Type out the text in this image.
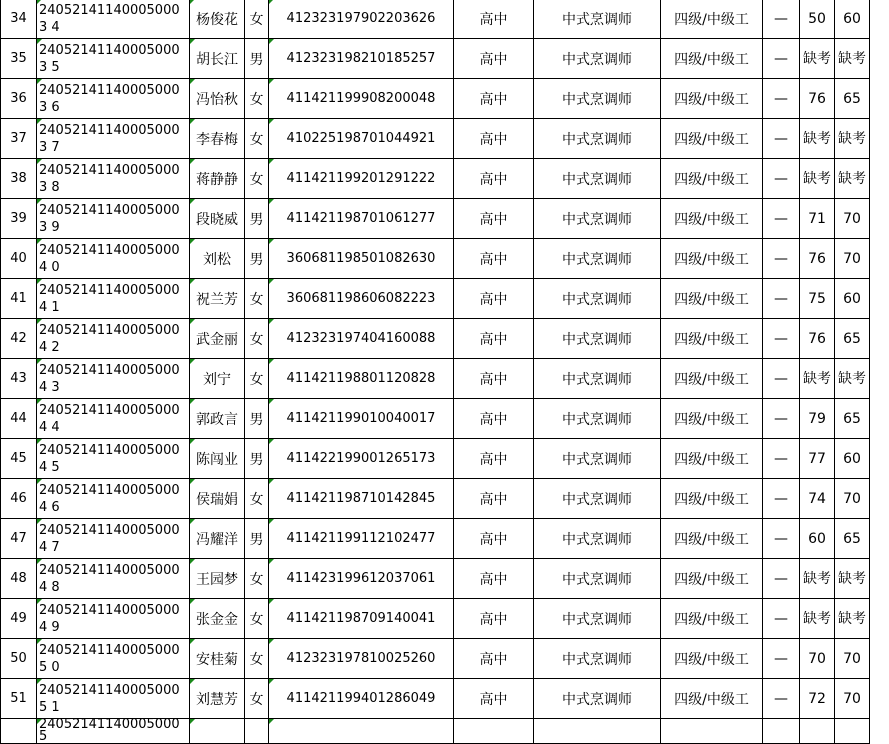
34	240521411400050003 4	杨俊花	女	412323197902203626	高中	中式烹调师	四级/中级工	—	50	60
35	240521411400050003 5	胡长江	男	412323198210185257	高中	中式烹调师	四级/中级工	—	缺考	缺考
36	240521411400050003 6	冯怡秋	女	411421199908200048	高中	中式烹调师	四级/中级工	—	76	65
37	240521411400050003 7	李春梅	女	410225198701044921	高中	中式烹调师	四级/中级工	—	缺考	缺考
38	240521411400050003 8	蒋静静	女	411421199201291222	高中	中式烹调师	四级/中级工	—	缺考	缺考
39	240521411400050003 9	段晓威	男	411421198701061277	高中	中式烹调师	四级/中级工	—	71	70
40	240521411400050004 0	刘松	男	360681198501082630	高中	中式烹调师	四级/中级工	—	76	70
41	240521411400050004 1	祝兰芳	女	360681198606082223	高中	中式烹调师	四级/中级工	—	75	60
42	240521411400050004 2	武金丽	女	412323197404160088	高中	中式烹调师	四级/中级工	—	76	65
43	240521411400050004 3	刘宁	女	411421198801120828	高中	中式烹调师	四级/中级工	—	缺考	缺考
44	240521411400050004 4	郭政言	男	411421199010040017	高中	中式烹调师	四级/中级工	—	79	65
45	240521411400050004 5	陈闯业	男	411422199001265173	高中	中式烹调师	四级/中级工	—	77	60
46	240521411400050004 6	侯瑞娟	女	411421198710142845	高中	中式烹调师	四级/中级工	—	74	70
47	240521411400050004 7	冯耀洋	男	411421199112102477	高中	中式烹调师	四级/中级工	—	60	65
48	240521411400050004 8	王园梦	女	411423199612037061	高中	中式烹调师	四级/中级工	—	缺考	缺考
49	240521411400050004 9	张金金	女	411421198709140041	高中	中式烹调师	四级/中级工	—	缺考	缺考
50	240521411400050005 0	安桂菊	女	412323197810025260	高中	中式烹调师	四级/中级工	—	70	70
51	240521411400050005 1	刘慧芳	女	411421199401286049	高中	中式烹调师	四级/中级工	—	72	70
	240521411400050005									
